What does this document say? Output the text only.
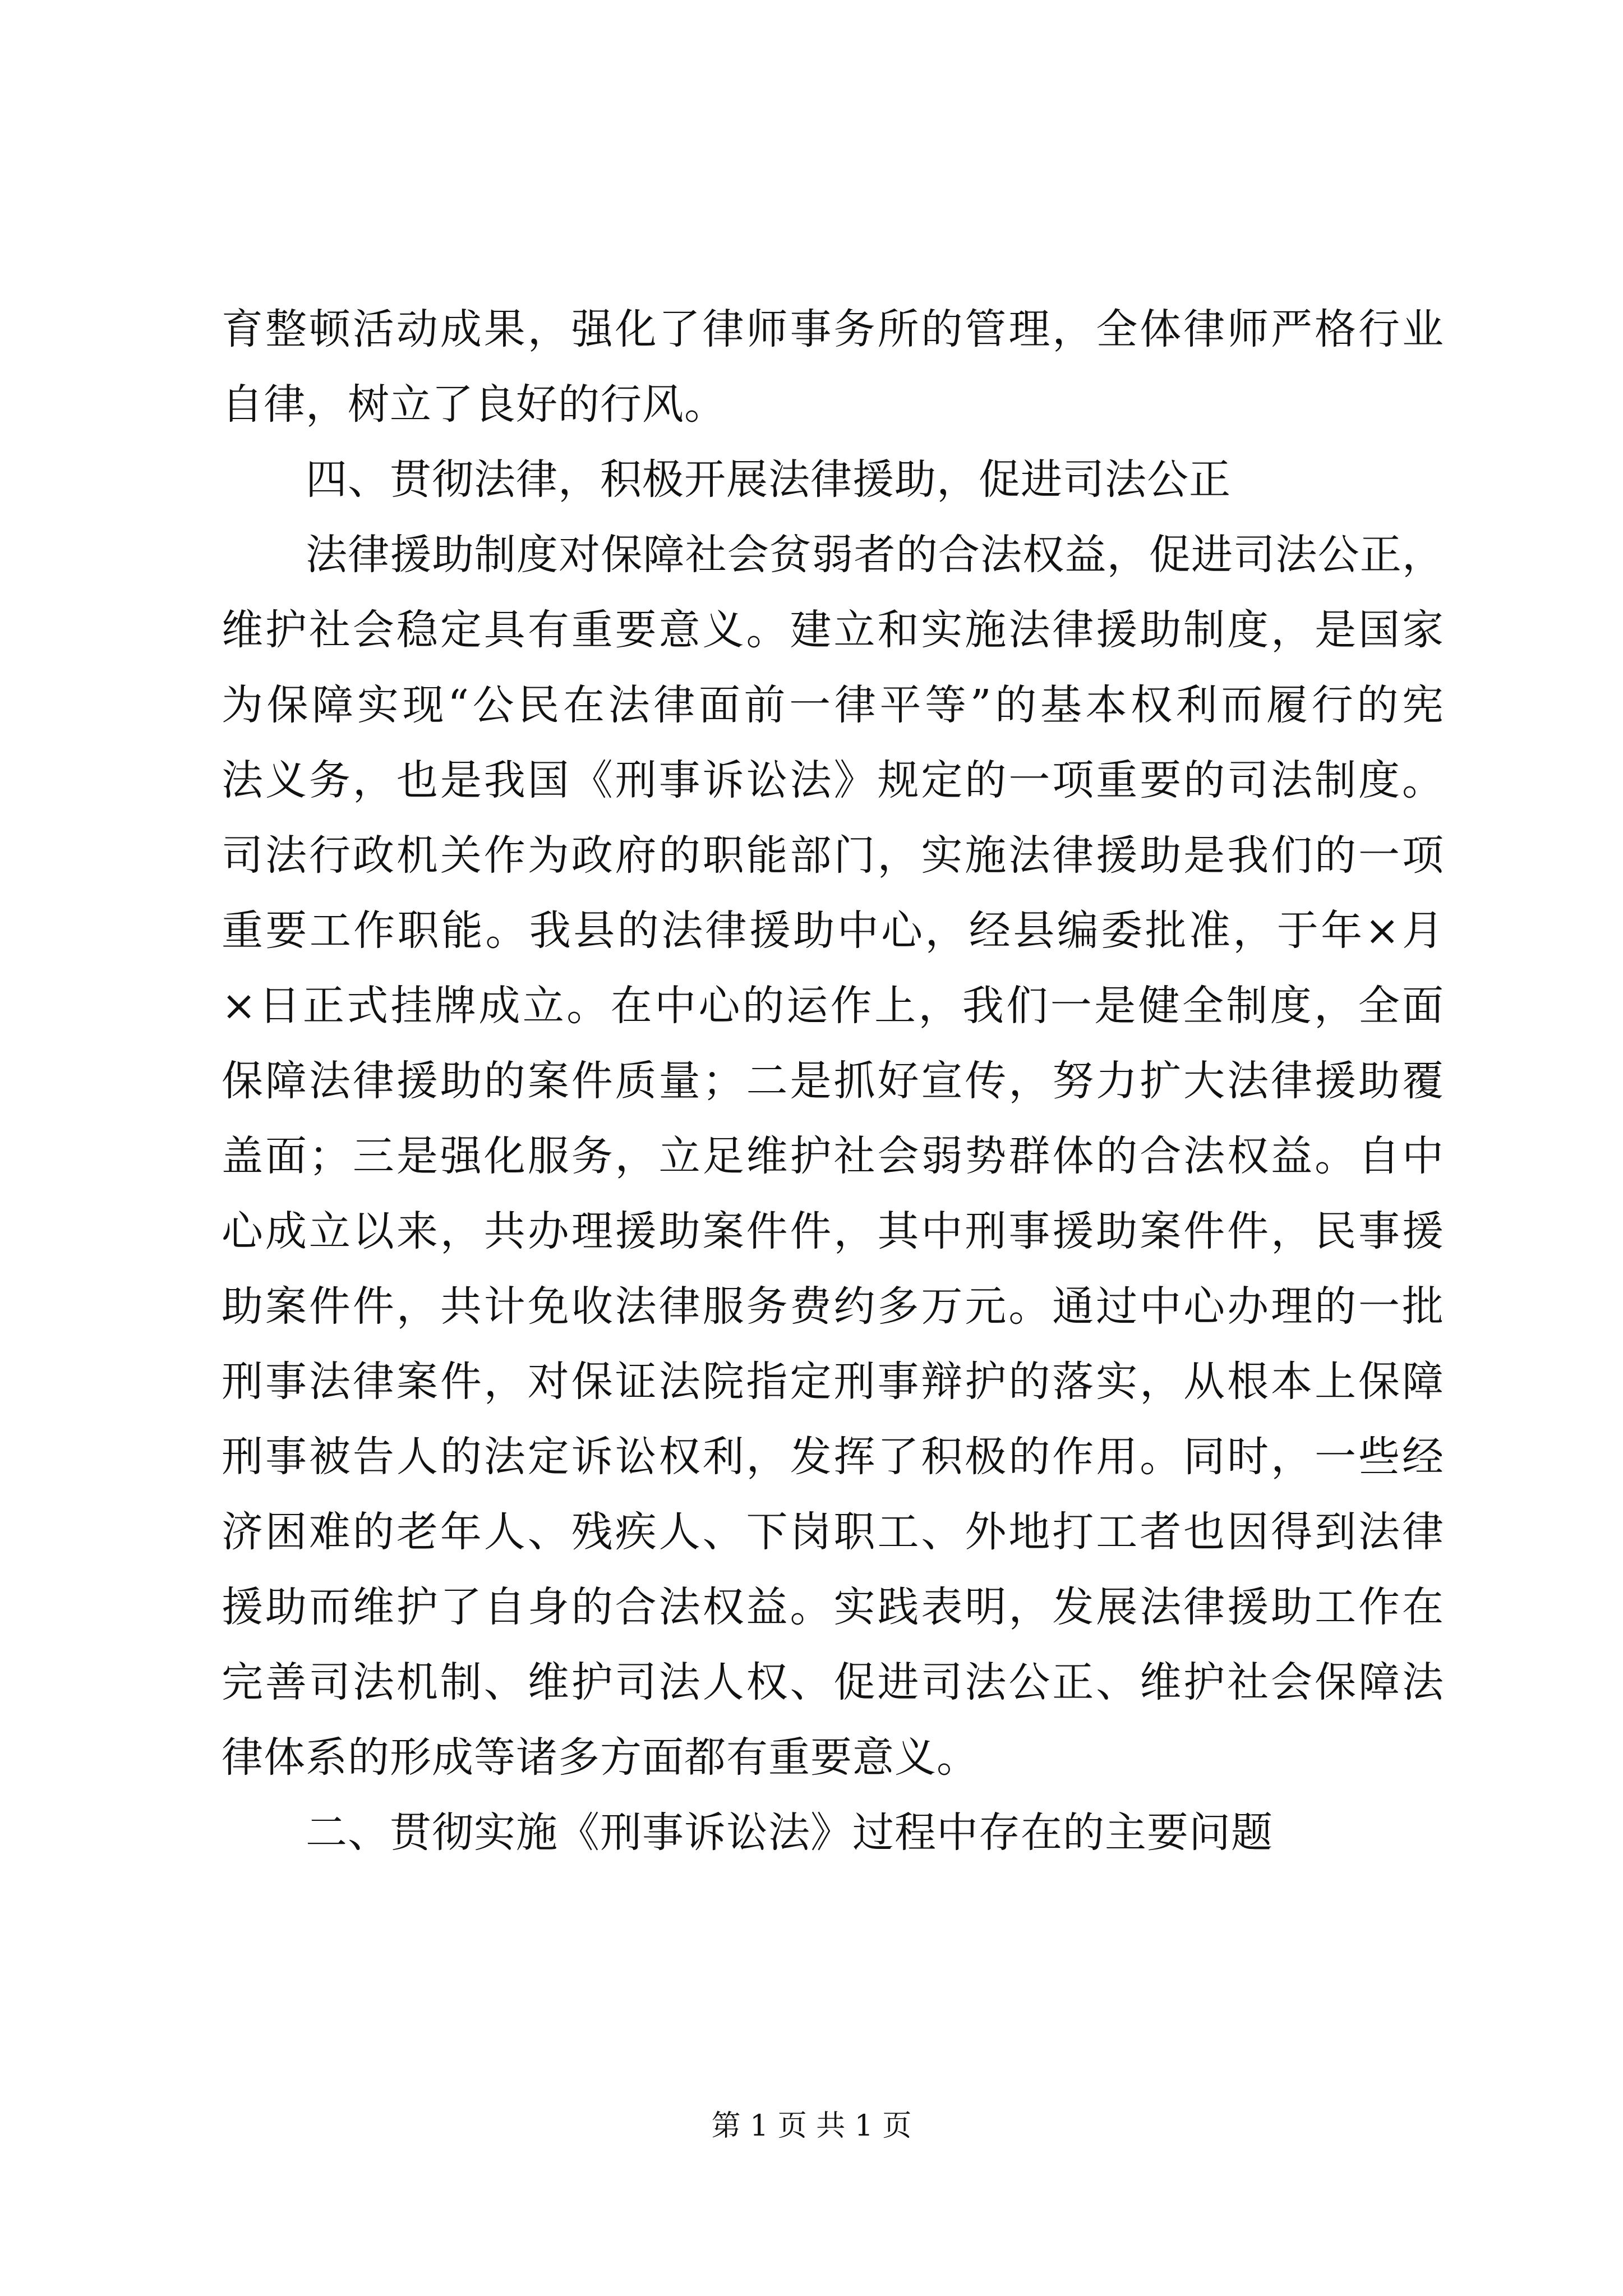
育整顿活动成果，强化了律师事务所的管理，全体律师严格行业
自律，树立了良好的行风。
四、贯彻法律，积极开展法律援助，促进司法公正
法律援助制度对保障社会贫弱者的合法权益，促进司法公正，
维护社会稳定具有重要意义。建立和实施法律援助制度，是国家
为保障实现“公民在法律面前一律平等”的基本权利而履行的宪
法义务，也是我国《刑事诉讼法》规定的一项重要的司法制度。
司法行政机关作为政府的职能部门，实施法律援助是我们的一项
重要工作职能。我县的法律援助中心，经县编委批准，于年×月
×日正式挂牌成立。在中心的运作上，我们一是健全制度，全面
保障法律援助的案件质量；二是抓好宣传，努力扩大法律援助覆
盖面；三是强化服务，立足维护社会弱势群体的合法权益。自中
心成立以来，共办理援助案件件，其中刑事援助案件件，民事援
助案件件，共计免收法律服务费约多万元。通过中心办理的一批
刑事法律案件，对保证法院指定刑事辩护的落实，从根本上保障
刑事被告人的法定诉讼权利，发挥了积极的作用。同时，一些经
济困难的老年人、残疾人、下岗职工、外地打工者也因得到法律
援助而维护了自身的合法权益。实践表明，发展法律援助工作在
完善司法机制、维护司法人权、促进司法公正、维护社会保障法
律体系的形成等诸多方面都有重要意义。
二、贯彻实施《刑事诉讼法》过程中存在的主要问题
第 1 页 共 1 页
